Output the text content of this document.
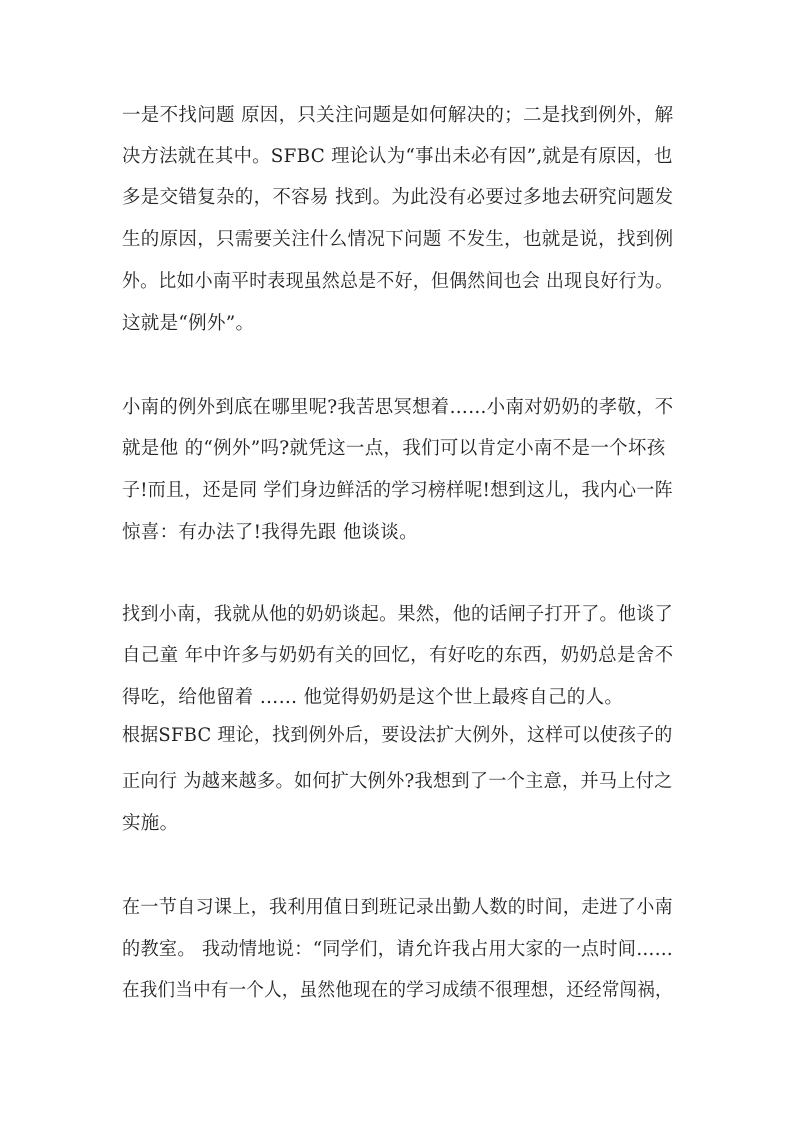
一是不找问题 原因，只关注问题是如何解决的；二是找到例外，解
决方法就在其中。SFBC 理论认为“事出未必有因”,就是有原因，也
多是交错复杂的，不容易 找到。为此没有必要过多地去研究问题发
生的原因，只需要关注什么情况下问题 不发生，也就是说，找到例
外。比如小南平时表现虽然总是不好，但偶然间也会 出现良好行为。
这就是“例外”。
小南的例外到底在哪里呢?我苦思冥想着……小南对奶奶的孝敬，不
就是他 的“例外”吗?就凭这一点，我们可以肯定小南不是一个坏孩
子!而且，还是同 学们身边鲜活的学习榜样呢!想到这儿，我内心一阵
惊喜：有办法了!我得先跟 他谈谈。
找到小南，我就从他的奶奶谈起。果然，他的话闸子打开了。他谈了
自己童 年中许多与奶奶有关的回忆，有好吃的东西，奶奶总是舍不
得吃，给他留着 …… 他觉得奶奶是这个世上最疼自己的人。
根据SFBC 理论，找到例外后，要设法扩大例外，这样可以使孩子的
正向行 为越来越多。如何扩大例外?我想到了一个主意，并马上付之
实施。
在一节自习课上，我利用值日到班记录出勤人数的时间，走进了小南
的教室。 我动情地说：“同学们，请允许我占用大家的一点时间……
在我们当中有一个人，虽然他现在的学习成绩不很理想，还经常闯祸，
